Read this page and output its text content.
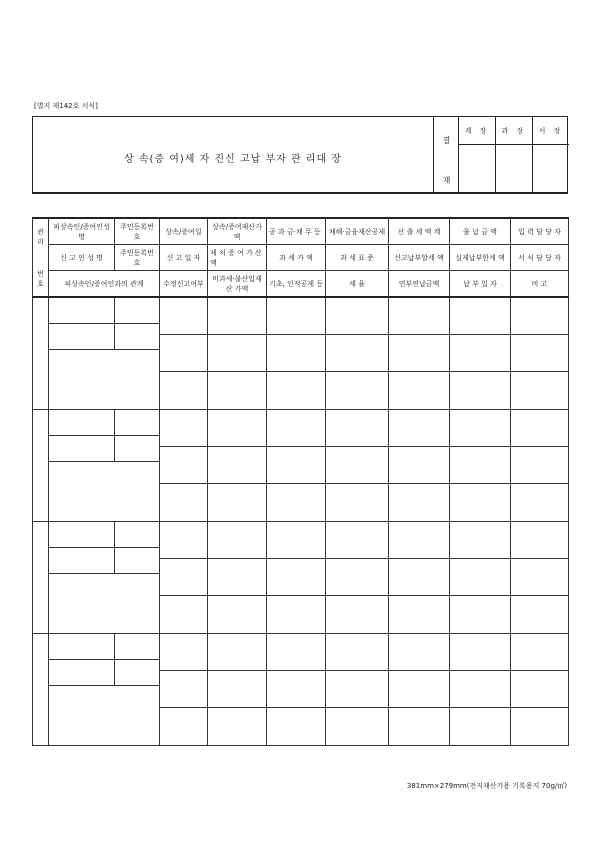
[별지 제142호 서식]
상 속(증 여)세 자 진신 고납 부자 관 리대 장
결
재
계 장	과 장	서 장
관리
번호	피상속인/증여인성명	주민등록번호	상속/증여일	상속/증여재산가액	공 과 금·채 무 등	채해·금융재산공제	산 출 세 액 계	물 납 금 액	입 력 담 당 자
	신 고 인 성 명	주민등록번호	신 고 일 자	제 처 증 여 가 산 액	과 세 가 액	과 세 표 준	신고납부할세 액	실제납부한세 액	서 식 담 당 자
	피상속인/증여인과의 관계		수정신고여부	비과세·불산입재산 가액	기초, 인적공제 등	세 율	연부연납금액	납 부 일 자	비 고

381mm×279mm(전지재산기용 기록용지 70g/㎡)
